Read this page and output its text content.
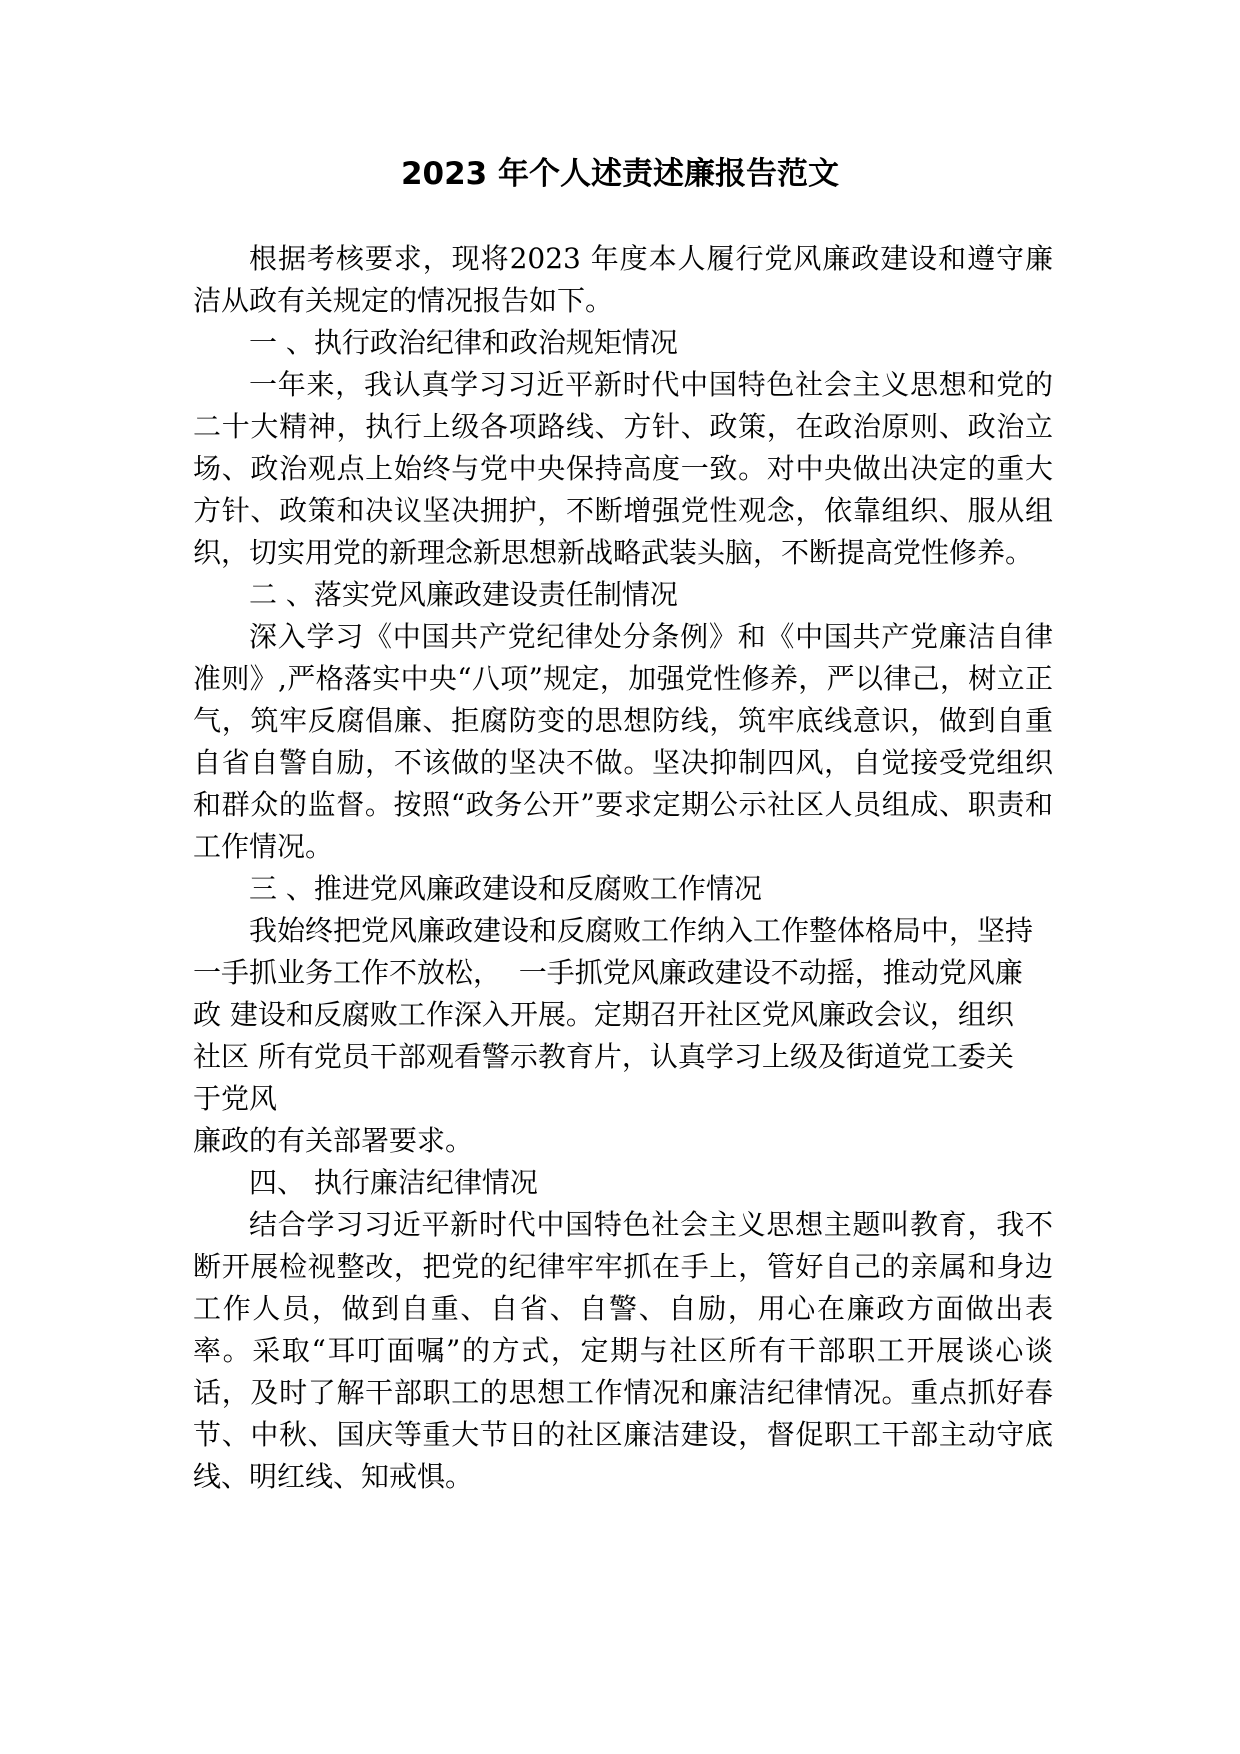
2023 年个人述责述廉报告范文

根据考核要求，现将2023 年度本人履行党风廉政建设和遵守廉洁从政有关规定的情况报告如下。

一 、执行政治纪律和政治规矩情况

一年来，我认真学习习近平新时代中国特色社会主义思想和党的二十大精神，执行上级各项路线、方针、政策，在政治原则、政治立场、政治观点上始终与党中央保持高度一致。对中央做出决定的重大方针、政策和决议坚决拥护，不断增强党性观念，依靠组织、服从组织，切实用党的新理念新思想新战略武装头脑，不断提高党性修养。

二 、落实党风廉政建设责任制情况

深入学习《中国共产党纪律处分条例》和《中国共产党廉洁自律准则》,严格落实中央“八项”规定，加强党性修养，严以律己，树立正气，筑牢反腐倡廉、拒腐防变的思想防线，筑牢底线意识，做到自重自省自警自励，不该做的坚决不做。坚决抑制四风，自觉接受党组织和群众的监督。按照“政务公开”要求定期公示社区人员组成、职责和工作情况。

三 、推进党风廉政建设和反腐败工作情况

我始终把党风廉政建设和反腐败工作纳入工作整体格局中，坚持

一手抓业务工作不放松，  一手抓党风廉政建设不动摇，推动党风廉

政 建设和反腐败工作深入开展。定期召开社区党风廉政会议，组织

社区 所有党员干部观看警示教育片，认真学习上级及街道党工委关

于党风

廉政的有关部署要求。

四、 执行廉洁纪律情况

结合学习习近平新时代中国特色社会主义思想主题叫教育，我不断开展检视整改，把党的纪律牢牢抓在手上，管好自己的亲属和身边工作人员，做到自重、自省、自警、自励，用心在廉政方面做出表率。采取“耳叮面嘱”的方式，定期与社区所有干部职工开展谈心谈话，及时了解干部职工的思想工作情况和廉洁纪律情况。重点抓好春节、中秋、国庆等重大节日的社区廉洁建设，督促职工干部主动守底线、明红线、知戒惧。
